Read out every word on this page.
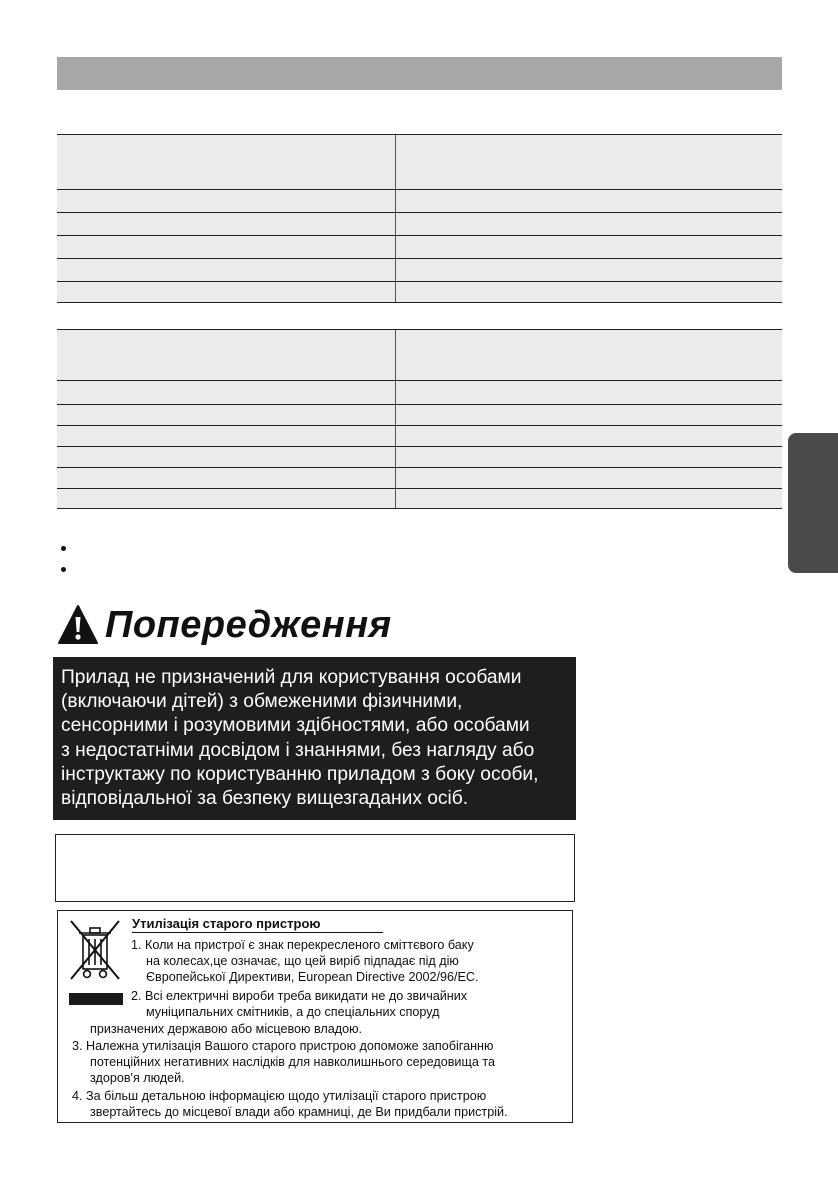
Попередження
Прилад не призначений для користування особами
(включаючи дітей) з обмеженими фізичними,
сенсорними і розумовими здібностями, або особами
з недостатніми досвідом і знаннями, без нагляду або
інструктажу по користуванню приладом з боку особи,
відповідальної за безпеку вищезгаданих осіб.
Утилізація старого пристрою
1. Коли на пристрої є знак перекресленого сміттєвого баку
на колесах,це означає, що цей виріб підпадає під дію
Європейської Директиви, European Directive 2002/96/EC.
2. Всі електричні вироби треба викидати не до звичайних
муніципальних смітників, а до спеціальних споруд
призначених державою або місцевою владою.
3. Належна утилізація Вашого старого пристрою допоможе запобіганню
потенційних негативних наслідків для навколишнього середовища та
здоров'я людей.
4. За більш детальною інформацією щодо утилізації старого пристрою
звертайтесь до місцевої влади або крамниці, де Ви придбали пристрій.
